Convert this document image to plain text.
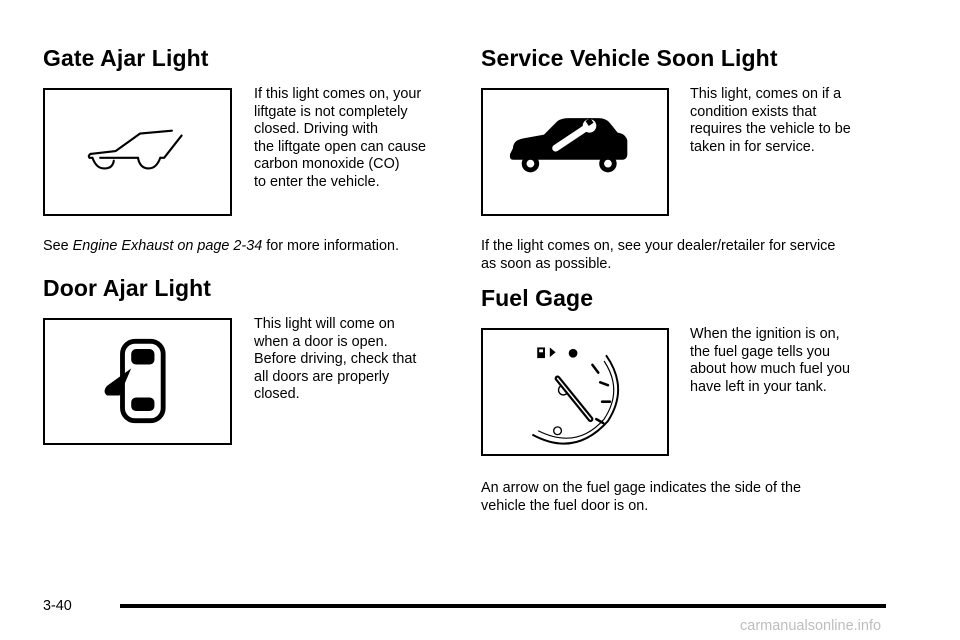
Gate Ajar Light

If this light comes on, your
liftgate is not completely
closed. Driving with
the liftgate open can cause
carbon monoxide (CO)
to enter the vehicle.

See Engine Exhaust on page 2-34 for more information.

Door Ajar Light

This light will come on
when a door is open.
Before driving, check that
all doors are properly
closed.

Service Vehicle Soon Light

This light, comes on if a
condition exists that
requires the vehicle to be
taken in for service.

If the light comes on, see your dealer/retailer for service
as soon as possible.

Fuel Gage

When the ignition is on,
the fuel gage tells you
about how much fuel you
have left in your tank.

An arrow on the fuel gage indicates the side of the
vehicle the fuel door is on.

3-40
carmanualsonline.info
